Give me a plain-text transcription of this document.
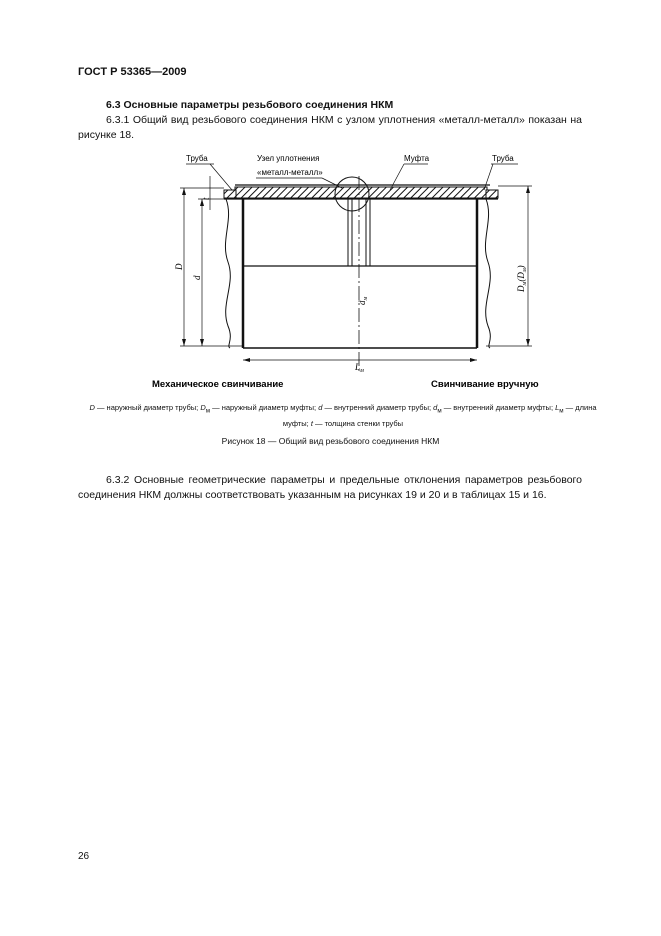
ГОСТ Р 53365—2009
6.3 Основные параметры резьбового соединения НКМ
6.3.1 Общий вид резьбового соединения НКМ с узлом уплотнения «металл-металл» показан на рисунке 18.
D
d
t
$D_м(D_м)$
$d_м$
$L_м$
Труба	Узел уплотнения
«металл-металл»
Муфта	Труба
Механическое свинчивание	Свинчивание вручную
D — наружный диаметр трубы; $D_м$ — наружный диаметр муфты; d — внутренний диаметр трубы; $d_м$ — внутренний диаметр муфты; $L_м$ — длина муфты; t — толщина стенки трубы
Рисунок 18 — Общий вид резьбового соединения НКМ
6.3.2 Основные геометрические параметры и предельные отклонения параметров резьбового соединения НКМ должны соответствовать указанным на рисунках 19 и 20 и в таблицах 15 и 16.
26
